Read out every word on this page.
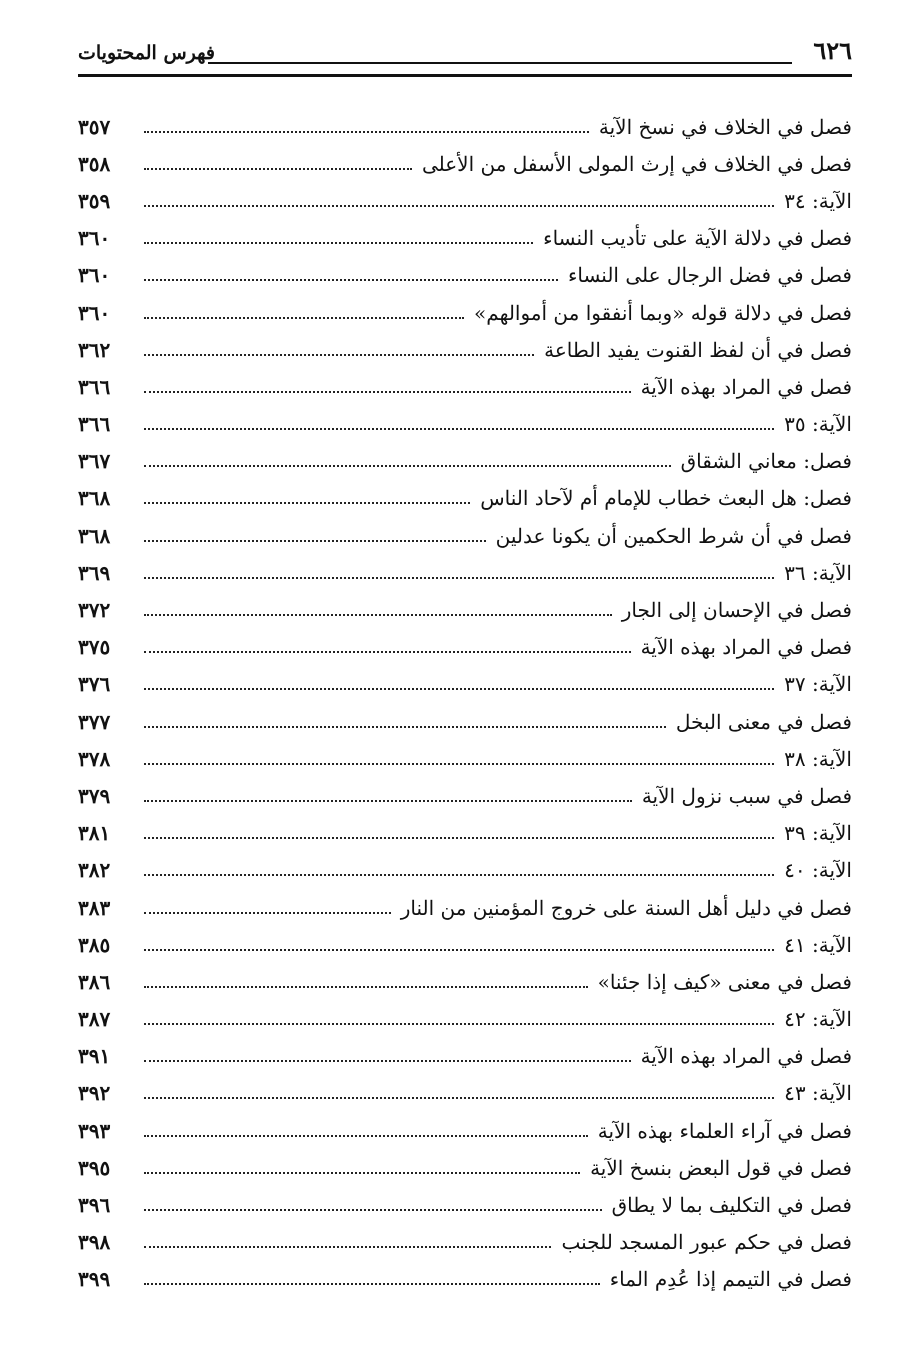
٦٢٦
فهرس المحتويات
فصل في الخلاف في نسخ الآية
٣٥٧
فصل في الخلاف في إرث المولى الأسفل من الأعلى
٣٥٨
الآية: ٣٤
٣٥٩
فصل في دلالة الآية على تأديب النساء
٣٦٠
فصل في فضل الرجال على النساء
٣٦٠
فصل في دلالة قوله «وبما أنفقوا من أموالهم»
٣٦٠
فصل في أن لفظ القنوت يفيد الطاعة
٣٦٢
فصل في المراد بهذه الآية
٣٦٦
الآية: ٣٥
٣٦٦
فصل: معاني الشقاق
٣٦٧
فصل: هل البعث خطاب للإمام أم لآحاد الناس
٣٦٨
فصل في أن شرط الحكمين أن يكونا عدلين
٣٦٨
الآية: ٣٦
٣٦٩
فصل في الإحسان إلى الجار
٣٧٢
فصل في المراد بهذه الآية
٣٧٥
الآية: ٣٧
٣٧٦
فصل في معنى البخل
٣٧٧
الآية: ٣٨
٣٧٨
فصل في سبب نزول الآية
٣٧٩
الآية: ٣٩
٣٨١
الآية: ٤٠
٣٨٢
فصل في دليل أهل السنة على خروج المؤمنين من النار
٣٨٣
الآية: ٤١
٣٨٥
فصل في معنى «كيف إذا جئنا»
٣٨٦
الآية: ٤٢
٣٨٧
فصل في المراد بهذه الآية
٣٩١
الآية: ٤٣
٣٩٢
فصل في آراء العلماء بهذه الآية
٣٩٣
فصل في قول البعض بنسخ الآية
٣٩٥
فصل في التكليف بما لا يطاق
٣٩٦
فصل في حكم عبور المسجد للجنب
٣٩٨
فصل في التيمم إذا عُدِم الماء
٣٩٩
